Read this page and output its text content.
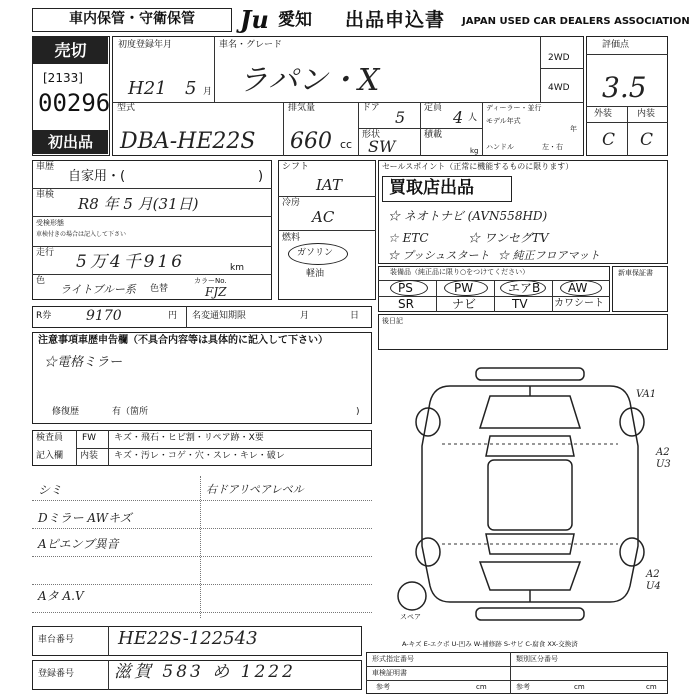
車内保管・守衛保管	Ju 愛知 出品申込書 JAPAN USED CAR DEALERS ASSOCIATION
売切
[2133]
00296
初出品
初度登録年月
H21 5 月
車名・グレード
ラパン・X
2WD
4WD
型式
DBA-HE22S
排気量
660 cc
ドア 5 定員 4 人
形状
SW
積載
kg
ディーラー・並行
モデル年式
年
ハンドル	左・右
評価点
3.5
外装	内装
C C
車歴
自家用・(	)
車検 R8 年 5 月(31日)
受検形態
車検付きの場合は記入して下さい
走行 5万4千916	km
色
ライトブルー系 色替
カラーNo.
FJZ
シフト
IAT
冷房
AC
燃料
ガソリン
軽油
R券 9170	円 名変通知期限	月	日
セールスポイント（正常に機能するものに限ります）
買取店出品
☆ ネオトナビ (AVN558HD)
☆ ETC	☆ ワンセグTV
☆ プッシュスタート ☆ 純正フロアマット
新車保証書
装備品（純正品に限り○をつけてください）
PS	PW	エアB AW
SR	ナビ	TV	カワシート
後日記
注意事項車歴申告欄（不具合内容等は具体的に記入して下さい）
☆電格ミラー
修復歴	有（箇所	)
検査員
記入欄
FW キズ・飛石・ヒビ割・リペア跡・X要
内装 キズ・汚レ・コゲ・穴・スレ・キレ・破レ
シミ
Dミラー AWキズ
Aピエンブ異音
Aタ A.V
右ドアリペアレベル
VA1
A2
U3
A2
U4
スペア
車台番号 HE22S-122543
登録番号 滋賀 583 め 1222
A-キズ E-エクボ U-凹み W-補修跡 S-サビ C-腐食 XX-交換済
形式指定番号	類別区分番号
車検証明書
参考	cm	参考	cm	cm
